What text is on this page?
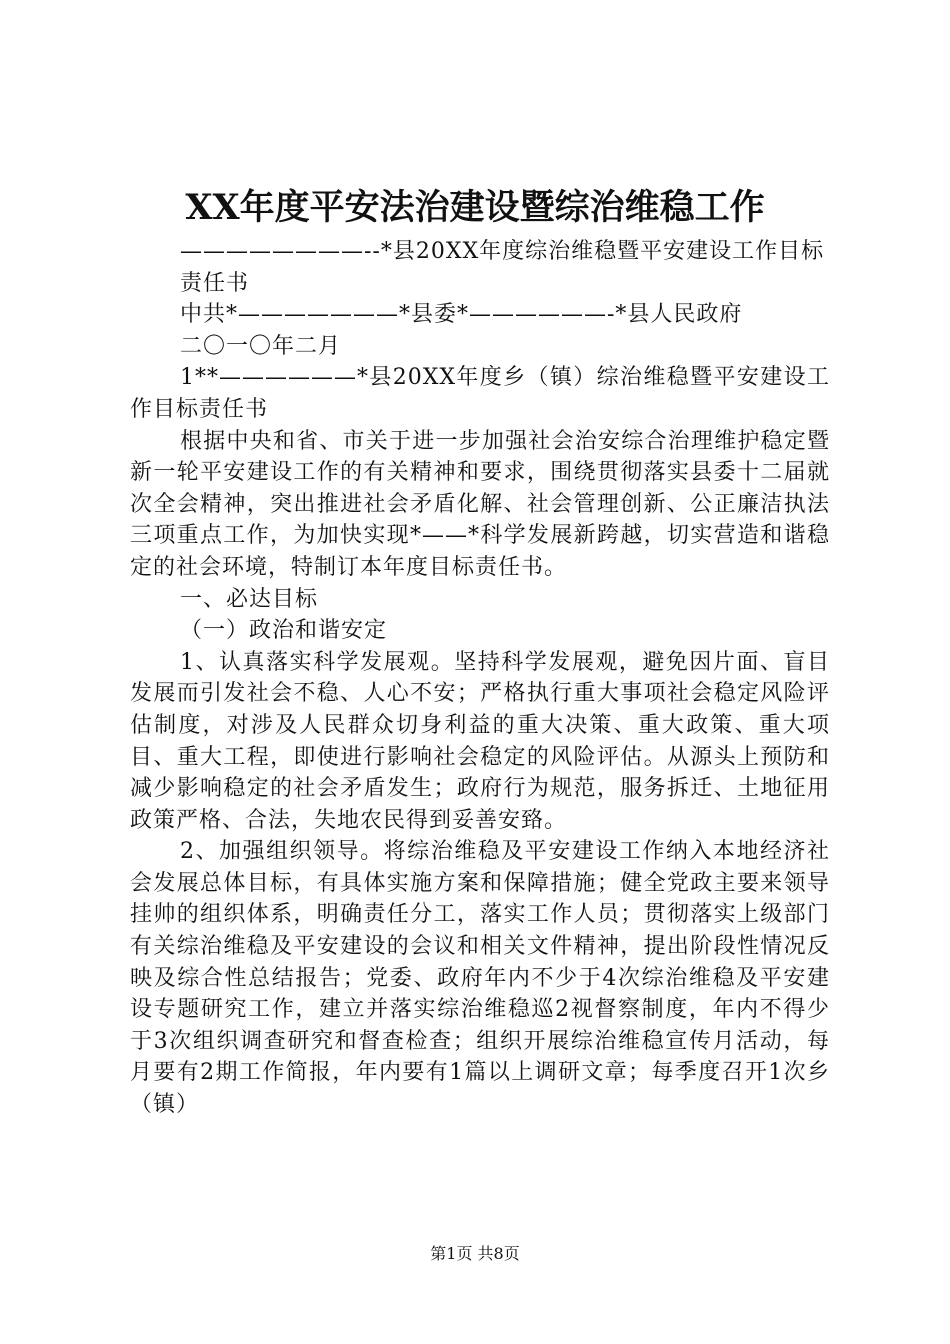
XX年度平安法治建设暨综治维稳工作

————————--*县20XX年度综治维稳暨平安建设工作目标

责任书

中共*———————*县委*——————-*县人民政府

二〇一〇年二月

1**——————*县20XX年度乡（镇）综治维稳暨平安建设工作目标责任书

根据中央和省、市关于进一步加强社会治安综合治理维护稳定暨新一轮平安建设工作的有关精神和要求，围绕贯彻落实县委十二届就次全会精神，突出推进社会矛盾化解、社会管理创新、公正廉洁执法三项重点工作，为加快实现*——*科学发展新跨越，切实营造和谐稳定的社会环境，特制订本年度目标责任书。

一、必达目标

（一）政治和谐安定

1、认真落实科学发展观。坚持科学发展观，避免因片面、盲目发展而引发社会不稳、人心不安；严格执行重大事项社会稳定风险评估制度，对涉及人民群众切身利益的重大决策、重大政策、重大项目、重大工程，即使进行影响社会稳定的风险评估。从源头上预防和减少影响稳定的社会矛盾发生；政府行为规范，服务拆迁、土地征用政策严格、合法，失地农民得到妥善安臵。

2、加强组织领导。将综治维稳及平安建设工作纳入本地经济社会发展总体目标，有具体实施方案和保障措施；健全党政主要来领导挂帅的组织体系，明确责任分工，落实工作人员；贯彻落实上级部门有关综治维稳及平安建设的会议和相关文件精神，提出阶段性情况反映及综合性总结报告；党委、政府年内不少于4次综治维稳及平安建设专题研究工作，建立并落实综治维稳巡2视督察制度，年内不得少于3次组织调查研究和督查检查；组织开展综治维稳宣传月活动，每月要有2期工作简报，年内要有1篇以上调研文章；每季度召开1次乡（镇）

第1页 共8页
